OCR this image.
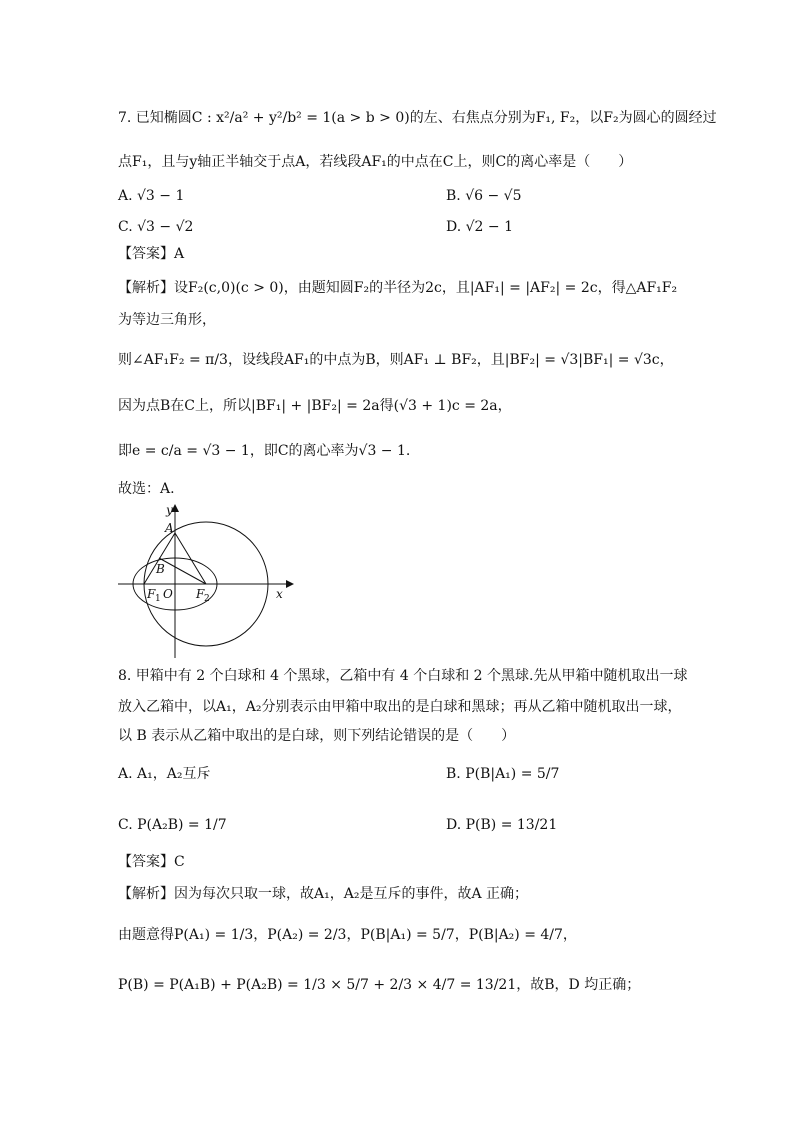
7. 已知椭圆C : x²/a² + y²/b² = 1(a > b > 0)的左、右焦点分别为F₁, F₂，以F₂为圆心的圆经过
点F₁，且与y轴正半轴交于点A，若线段AF₁的中点在C上，则C的离心率是（　　）
A. √3 − 1	B. √6 − √5
C. √3 − √2	D. √2 − 1
【答案】A
【解析】设F₂(c,0)(c > 0)，由题知圆F₂的半径为2c，且|AF₁| = |AF₂| = 2c，得△AF₁F₂
为等边三角形，
则∠AF₁F₂ = π/3，设线段AF₁的中点为B，则AF₁ ⊥ BF₂，且|BF₂| = √3|BF₁| = √3c，
因为点B在C上，所以|BF₁| + |BF₂| = 2a得(√3 + 1)c = 2a，
即e = c/a = √3 − 1，即C的离心率为√3 − 1.
故选：A.
y
x
A
B
F 1 O F 2
8. 甲箱中有 2 个白球和 4 个黑球，乙箱中有 4 个白球和 2 个黑球.先从甲箱中随机取出一球
放入乙箱中，以A₁，A₂分别表示由甲箱中取出的是白球和黑球；再从乙箱中随机取出一球，
以 B 表示从乙箱中取出的是白球，则下列结论错误的是（　　）
A. A₁，A₂互斥	B. P(B|A₁) = 5/7
C. P(A₂B) = 1/7	D. P(B) = 13/21
【答案】C
【解析】因为每次只取一球，故A₁，A₂是互斥的事件，故A 正确；
由题意得P(A₁) = 1/3，P(A₂) = 2/3，P(B|A₁) = 5/7，P(B|A₂) = 4/7，
P(B) = P(A₁B) + P(A₂B) = 1/3 × 5/7 + 2/3 × 4/7 = 13/21，故B，D 均正确；
